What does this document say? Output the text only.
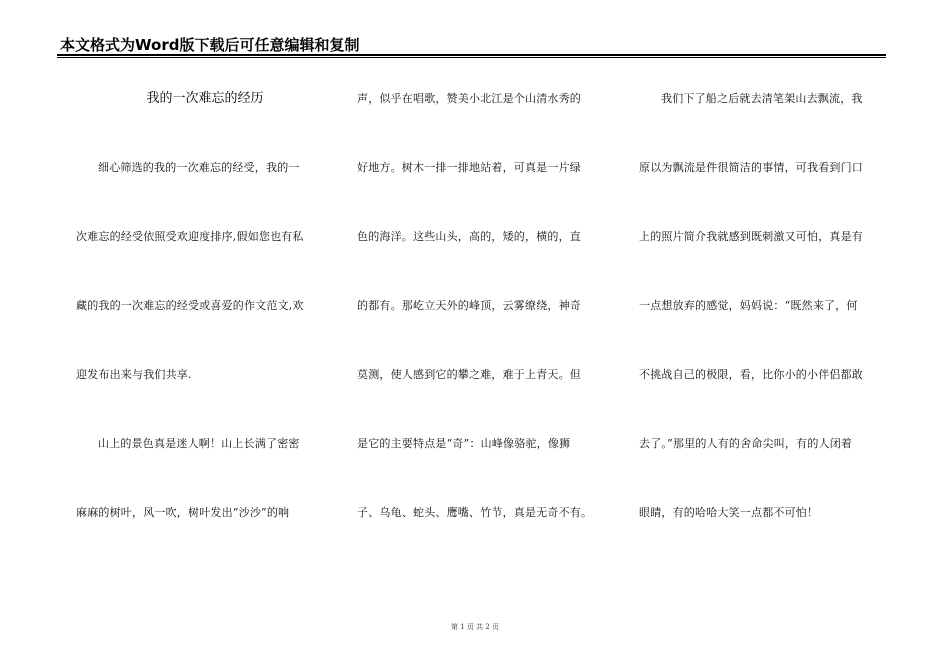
本文格式为Word版下载后可任意编辑和复制
我的一次难忘的经历
细心筛选的我的一次难忘的经受，我的一
次难忘的经受依照受欢迎度排序,假如您也有私
藏的我的一次难忘的经受或喜爱的作文范文,欢
迎发布出来与我们共享.
山上的景色真是迷人啊！山上长满了密密
麻麻的树叶，风一吹，树叶发出“沙沙”的响
声，似乎在唱歌，赞美小北江是个山清水秀的
好地方。树木一排一排地站着，可真是一片绿
色的海洋。这些山头，高的，矮的，横的，直
的都有。那屹立天外的峰顶，云雾缭绕，神奇
莫测，使人感到它的攀之难，难于上青天。但
是它的主要特点是“奇”：山峰像骆驼，像狮
子、乌龟、蛇头、鹰嘴、竹节，真是无奇不有。
我们下了船之后就去清笔架山去飘流，我
原以为飘流是件很简洁的事情，可我看到门口
上的照片简介我就感到既刺激又可怕，真是有
一点想放弃的感觉，妈妈说：“既然来了，何
不挑战自己的极限，看，比你小的小伴侣都敢
去了。”那里的人有的舍命尖叫，有的人闭着
眼睛，有的哈哈大笑一点都不可怕！
第 1 页 共 2 页
